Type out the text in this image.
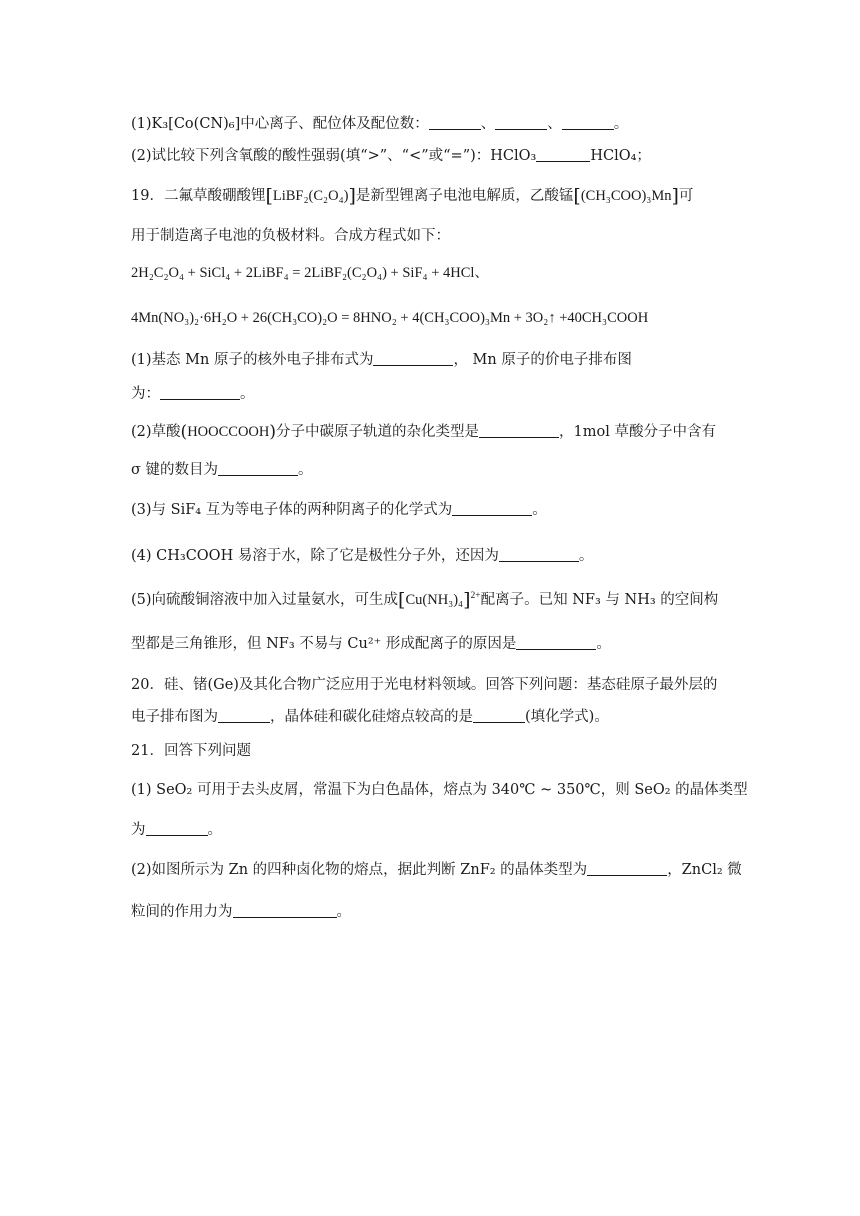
(1)K₃[Co(CN)₆]中心离子、配位体及配位数：	、	、	。
(2)试比较下列含氧酸的酸性强弱(填“>”、“<”或“=”)：HClO₃	HClO₄；
19．二氟草酸硼酸锂[LiBF₂(C₂O₄)]是新型锂离子电池电解质，乙酸锰[(CH₃COO)₃Mn]可
用于制造离子电池的负极材料。合成方程式如下：
2H₂C₂O₄ + SiCl₄ + 2LiBF₄ = 2LiBF₂(C₂O₄) + SiF₄ + 4HCl、
4Mn(NO₃)₂·6H₂O + 26(CH₃CO)₂O = 8HNO₂ + 4(CH₃COO)₃Mn + 3O₂↑ +40CH₃COOH
(1)基态 Mn 原子的核外电子排布式为	， Mn 原子的价电子排布图
为：	。
(2)草酸(HOOCCOOH)分子中碳原子轨道的杂化类型是	，1mol 草酸分子中含有
σ 键的数目为	。
(3)与 SiF₄ 互为等电子体的两种阴离子的化学式为	。
(4) CH₃COOH 易溶于水，除了它是极性分子外，还因为	。
(5)向硫酸铜溶液中加入过量氨水，可生成$[Cu(NH_3)_4]^{2+}$配离子。已知 NF₃ 与 NH₃ 的空间构
型都是三角锥形，但 NF₃ 不易与 Cu²⁺ 形成配离子的原因是	。
20．硅、锗(Ge)及其化合物广泛应用于光电材料领域。回答下列问题：基态硅原子最外层的
电子排布图为	，晶体硅和碳化硅熔点较高的是	(填化学式)。
21．回答下列问题
(1) SeO₂ 可用于去头皮屑，常温下为白色晶体，熔点为 340℃ ~ 350℃，则 SeO₂ 的晶体类型
为	。
(2)如图所示为 Zn 的四种卤化物的熔点，据此判断 ZnF₂ 的晶体类型为	，ZnCl₂ 微
粒间的作用力为	。
